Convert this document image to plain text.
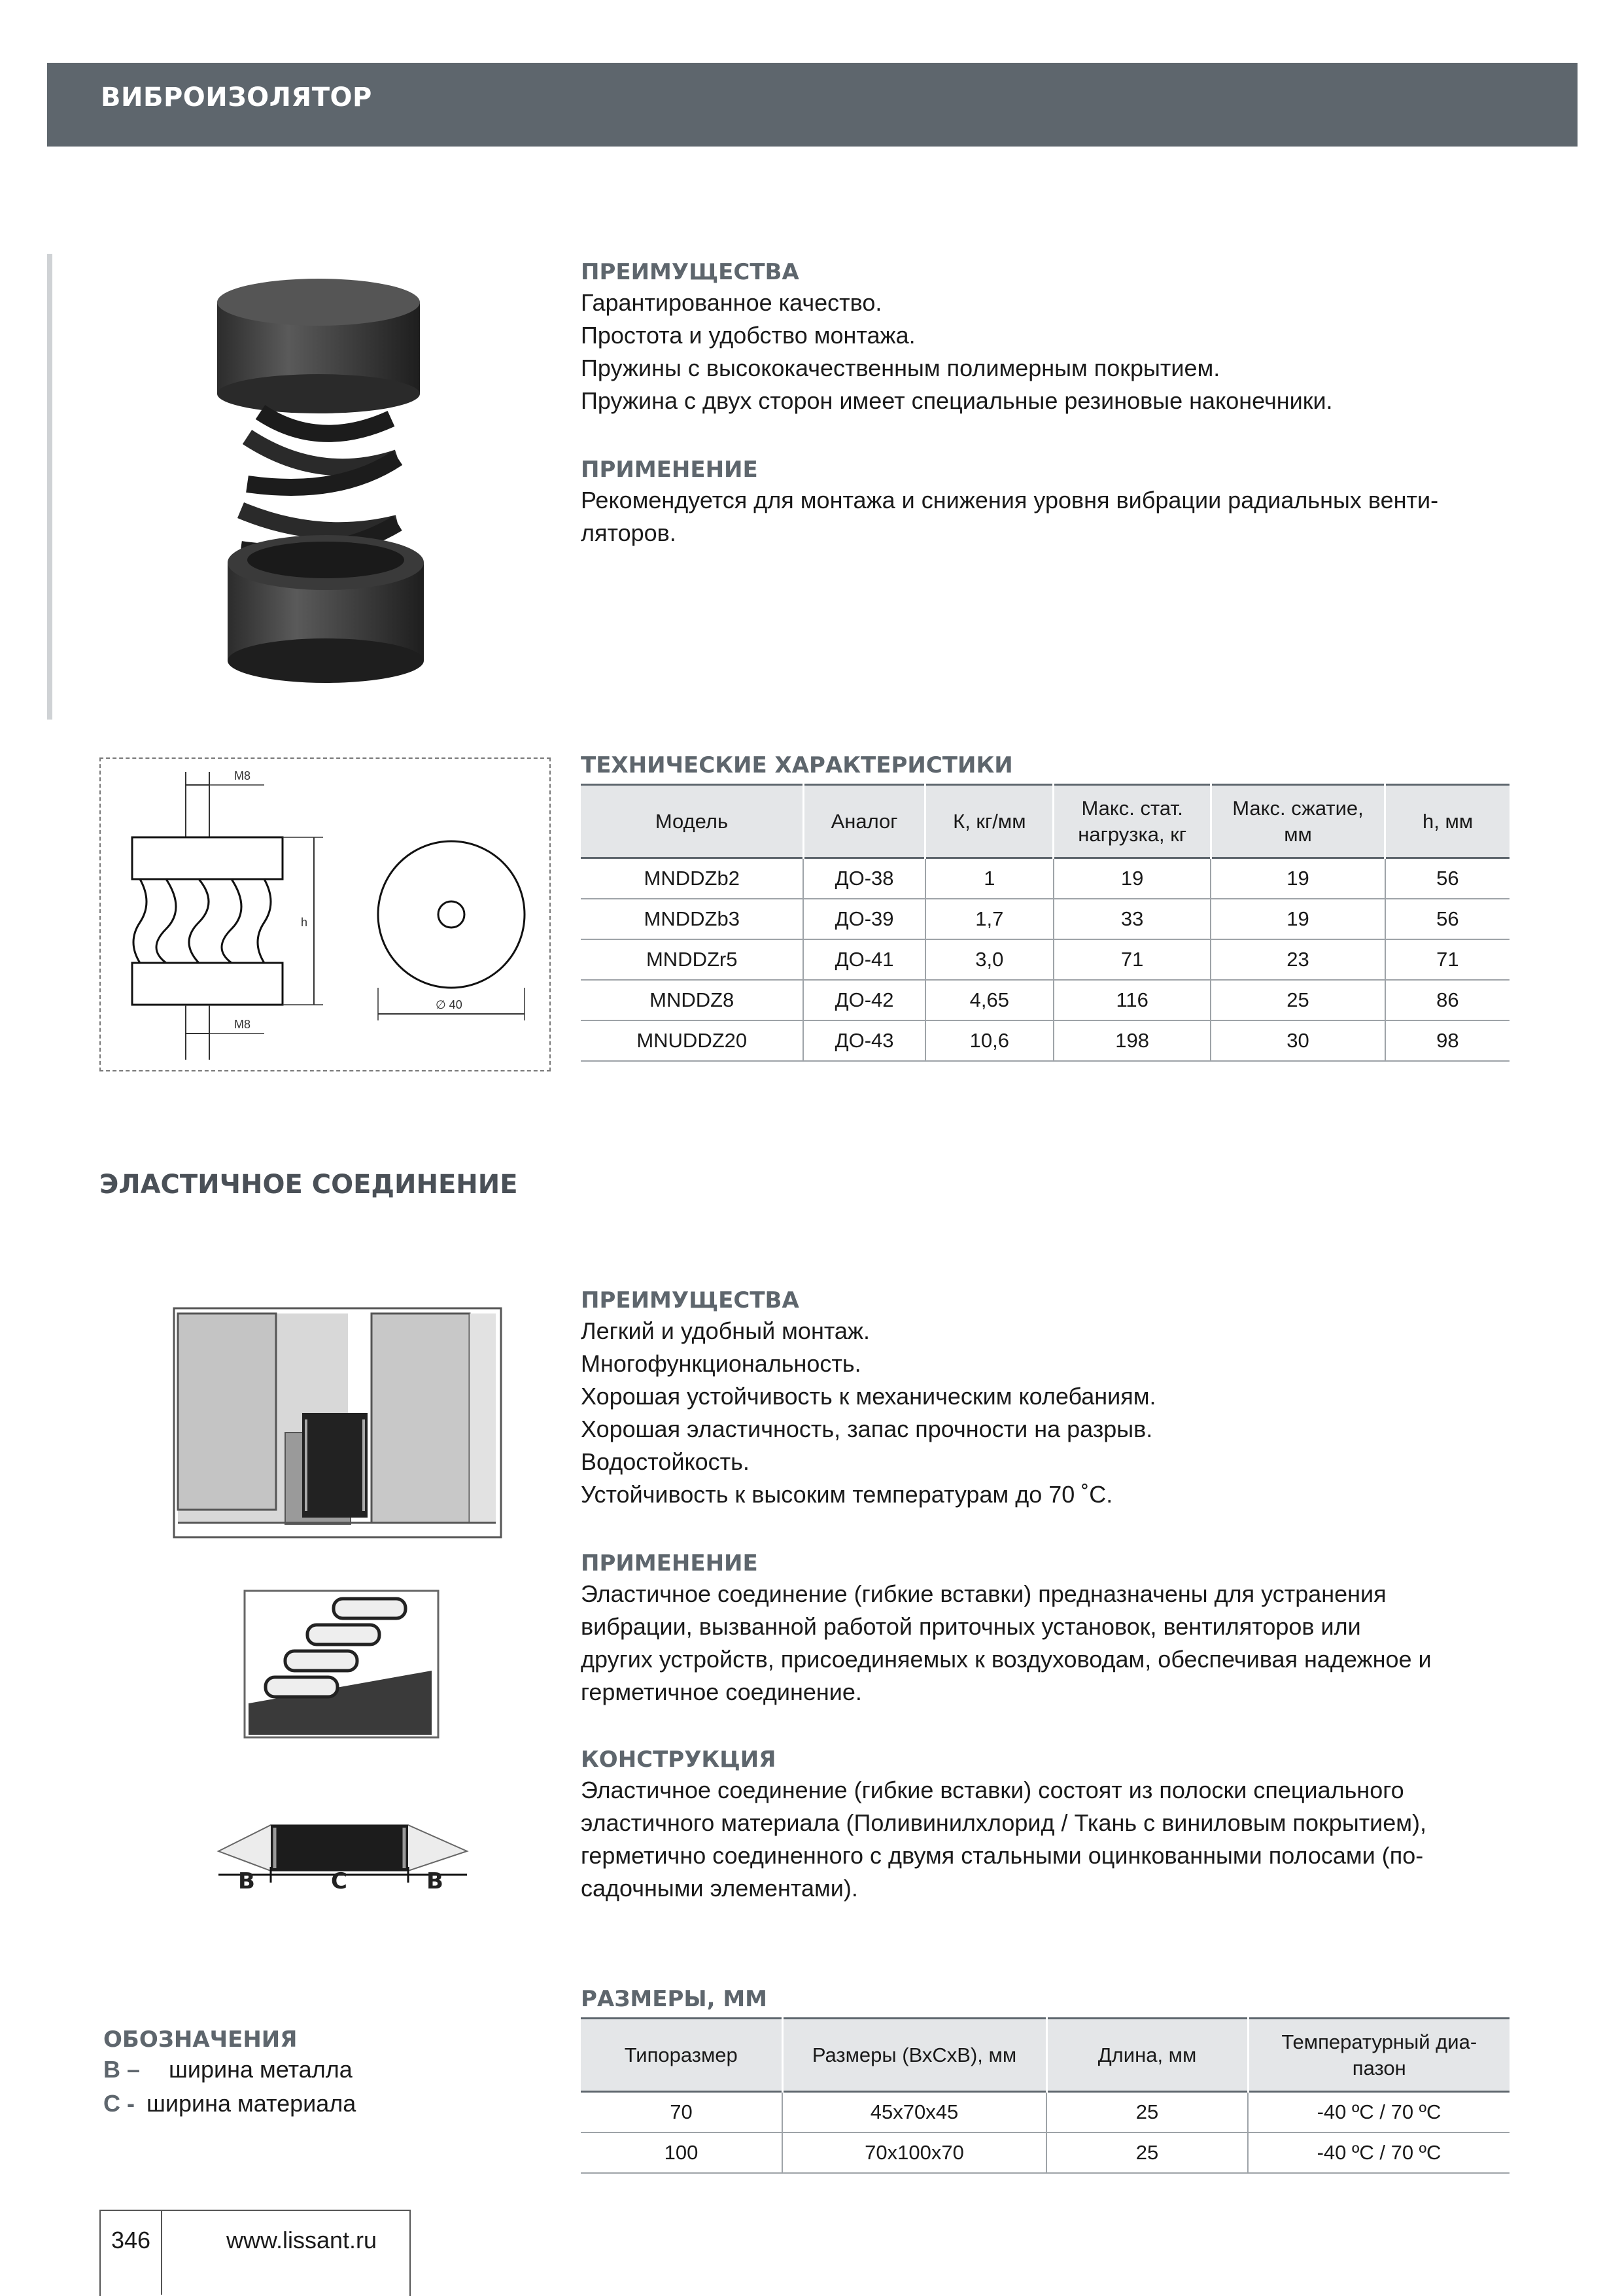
ВИБРОИЗОЛЯТОР
ПРЕИМУЩЕСТВА
Гарантированное качество.
Простота и удобство монтажа.
Пружины с высококачественным полимерным покрытием.
Пружина с двух сторон имеет специальные резиновые наконечники.
ПРИМЕНЕНИЕ
Рекомендуется для монтажа и снижения уровня вибрации радиальных венти-
ляторов.
M8
M8
h
∅ 40
ТЕХНИЧЕСКИЕ ХАРАКТЕРИСТИКИ
Модель	Аналог	К, кг/мм	Макс. стат. нагрузка, кг	Макс. сжатие, мм	h, мм
MNDDZb2	ДО-38	1	19	19	56
MNDDZb3	ДО-39	1,7	33	19	56
MNDDZr5	ДО-41	3,0	71	23	71
MNDDZ8	ДО-42	4,65	116	25	86
MNUDDZ20	ДО-43	10,6	198	30	98
ЭЛАСТИЧНОЕ СОЕДИНЕНИЕ
B	C	B
ПРЕИМУЩЕСТВА
Легкий и удобный монтаж.
Многофункциональность.
Хорошая устойчивость к механическим колебаниям.
Хорошая эластичность, запас прочности на разрыв.
Водостойкость.
Устойчивость к высоким температурам до 70 ˚С.
ПРИМЕНЕНИЕ
Эластичное соединение (гибкие вставки) предназначены для устранения
вибрации, вызванной работой приточных установок, вентиляторов или
других устройств, присоединяемых к воздуховодам, обеспечивая надежное и
герметичное соединение.
КОНСТРУКЦИЯ
Эластичное соединение (гибкие вставки) состоят из полоски специального
эластичного материала (Поливинилхлорид / Ткань с виниловым покрытием),
герметично соединенного с двумя стальными оцинкованными полосами (по-
садочными элементами).
ОБОЗНАЧЕНИЯ
В – ширина металла
С - ширина материала
РАЗМЕРЫ, ММ
Типоразмер	Размеры (ВхСхВ), мм	Длина, мм	Температурный диа-пазон
70	45х70х45	25	-40 ºС / 70 ºС
100	70х100х70	25	-40 ºС / 70 ºС
346	www.lissant.ru
